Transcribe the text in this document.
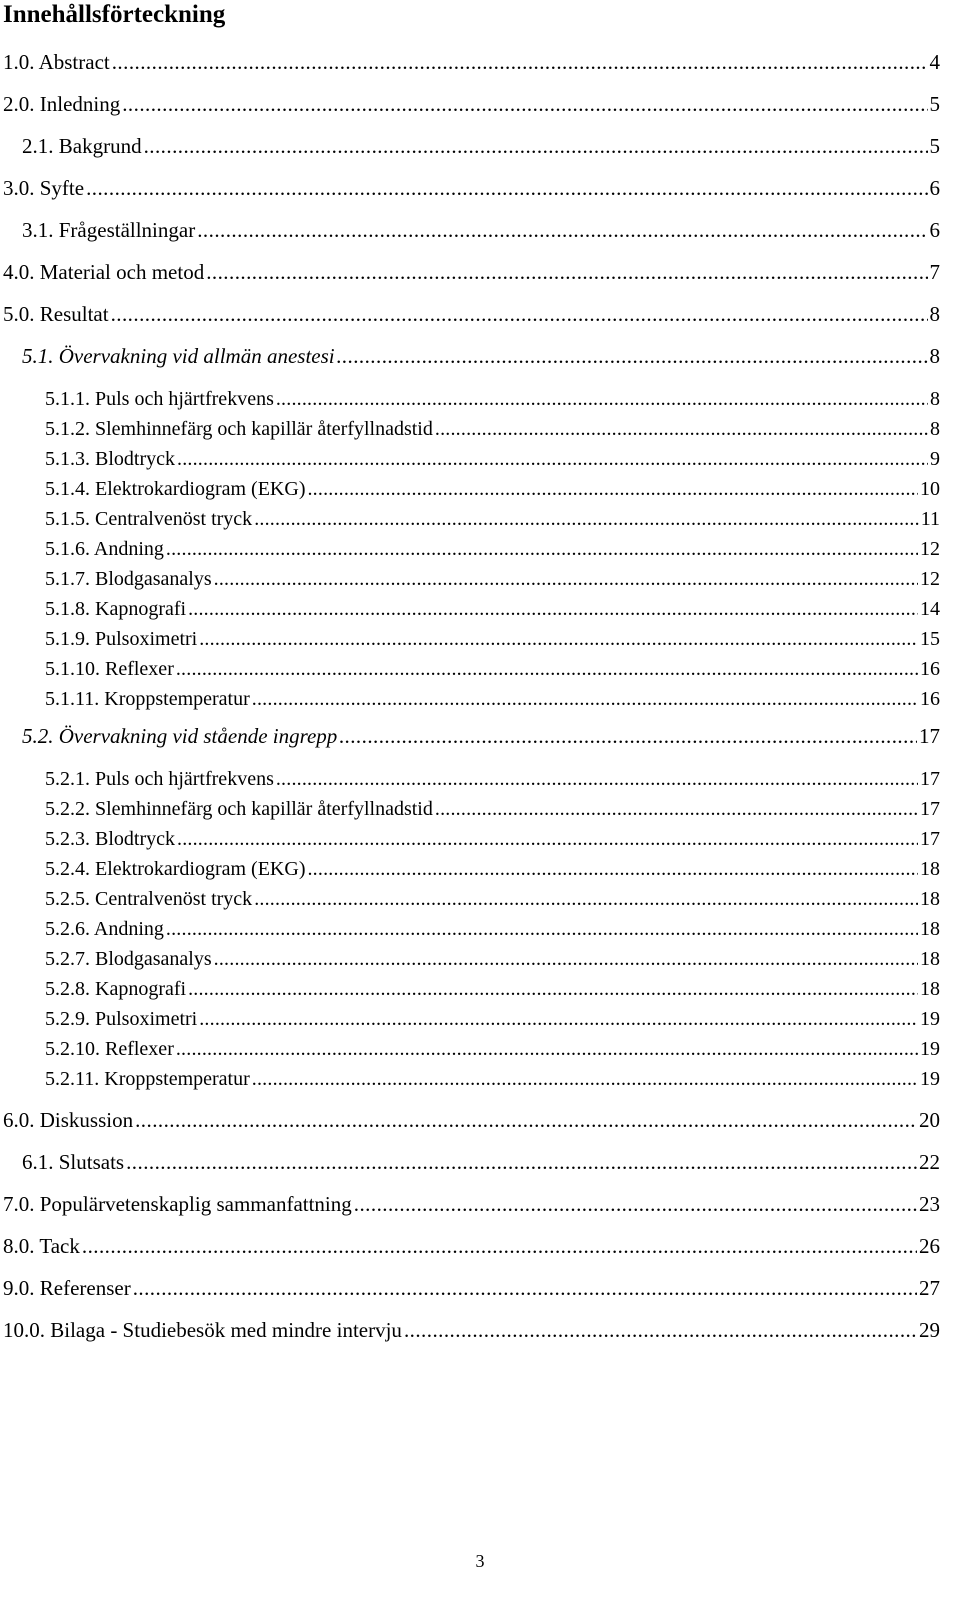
Innehållsförteckning
1.0. Abstract . . .	4
2.0. Inledning . . .	5
2.1. Bakgrund . . .	5
3.0. Syfte . . .	6
3.1. Frågeställningar . . .	6
4.0. Material och metod . . .	7
5.0. Resultat . . .	8
5.1. Övervakning vid allmän anestesi . . .	8
5.1.1. Puls och hjärtfrekvens . . .	8
5.1.2. Slemhinnefärg och kapillär återfyllnadstid . . .	8
5.1.3. Blodtryck . . .	9
5.1.4. Elektrokardiogram (EKG) . . .	10
5.1.5. Centralvenöst tryck . . .	11
5.1.6. Andning . . .	12
5.1.7. Blodgasanalys . . .	12
5.1.8. Kapnografi . . .	14
5.1.9. Pulsoximetri . . .	15
5.1.10. Reflexer . . .	16
5.1.11. Kroppstemperatur . . .	16
5.2. Övervakning vid stående ingrepp . . .	17
5.2.1. Puls och hjärtfrekvens . . .	17
5.2.2. Slemhinnefärg och kapillär återfyllnadstid . . .	17
5.2.3. Blodtryck . . .	17
5.2.4. Elektrokardiogram (EKG) . . .	18
5.2.5. Centralvenöst tryck . . .	18
5.2.6. Andning . . .	18
5.2.7. Blodgasanalys . . .	18
5.2.8. Kapnografi . . .	18
5.2.9. Pulsoximetri . . .	19
5.2.10. Reflexer . . .	19
5.2.11. Kroppstemperatur . . .	19
6.0. Diskussion . . .	20
6.1. Slutsats . . .	22
7.0. Populärvetenskaplig sammanfattning . . .	23
8.0. Tack . . .	26
9.0. Referenser . . .	27
10.0. Bilaga - Studiebesök med mindre intervju . . .	29
3
